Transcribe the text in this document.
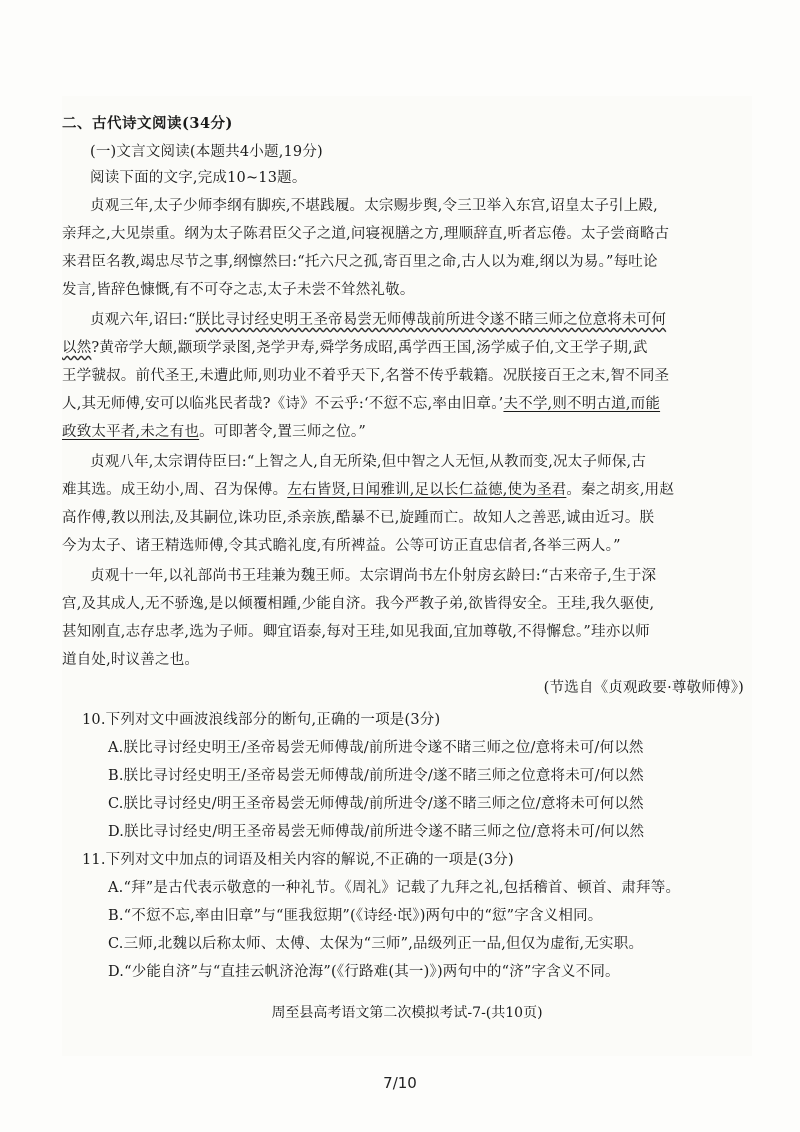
二、古代诗文阅读(34分)
(一)文言文阅读(本题共4小题,19分)
阅读下面的文字,完成10~13题。
贞观三年,太子少师李纲有脚疾,不堪践履。太宗赐步舆,令三卫举入东宫,诏皇太子引上殿,
亲拜之,大见崇重。纲为太子陈君臣父子之道,问寝视膳之方,理顺辞直,听者忘倦。太子尝商略古
来君臣名教,竭忠尽节之事,纲懔然曰:“托六尺之孤,寄百里之命,古人以为难,纲以为易。”每吐论
发言,皆辞色慷慨,有不可夺之志,太子未尝不耸然礼敬。
贞观六年,诏曰:“朕比寻讨经史明王圣帝曷尝无师傅哉前所进令遂不睹三师之位意将未可何
以然?黄帝学大颠,颛顼学录图,尧学尹寿,舜学务成昭,禹学西王国,汤学威子伯,文王学子期,武
王学虢叔。前代圣王,未遭此师,则功业不着乎天下,名誉不传乎载籍。况朕接百王之末,智不同圣
人,其无师傅,安可以临兆民者哉?《诗》不云乎:‘不愆不忘,率由旧章。’夫不学,则不明古道,而能
政致太平者,未之有也。可即著令,置三师之位。”
贞观八年,太宗谓侍臣曰:“上智之人,自无所染,但中智之人无恒,从教而变,况太子师保,古
难其选。成王幼小,周、召为保傅。左右皆贤,日闻雅训,足以长仁益德,使为圣君。秦之胡亥,用赵
高作傅,教以刑法,及其嗣位,诛功臣,杀亲族,酷暴不已,旋踵而亡。故知人之善恶,诚由近习。朕
今为太子、诸王精选师傅,令其式瞻礼度,有所裨益。公等可访正直忠信者,各举三两人。”
贞观十一年,以礼部尚书王珪兼为魏王师。太宗谓尚书左仆射房玄龄曰:“古来帝子,生于深
宫,及其成人,无不骄逸,是以倾覆相踵,少能自济。我今严教子弟,欲皆得安全。王珪,我久驱使,
甚知刚直,志存忠孝,选为子师。卿宜语泰,每对王珪,如见我面,宜加尊敬,不得懈怠。”珪亦以师
道自处,时议善之也。
(节选自《贞观政要·尊敬师傅》)
10.下列对文中画波浪线部分的断句,正确的一项是(3分)
A.朕比寻讨经史明王/圣帝曷尝无师傅哉/前所进令遂不睹三师之位/意将未可/何以然
B.朕比寻讨经史明王/圣帝曷尝无师傅哉/前所进令/遂不睹三师之位意将未可/何以然
C.朕比寻讨经史/明王圣帝曷尝无师傅哉/前所进令/遂不睹三师之位/意将未可何以然
D.朕比寻讨经史/明王圣帝曷尝无师傅哉/前所进令遂不睹三师之位/意将未可/何以然
11.下列对文中加点的词语及相关内容的解说,不正确的一项是(3分)
A.“拜”是古代表示敬意的一种礼节。《周礼》记载了九拜之礼,包括稽首、顿首、肃拜等。
B.“不愆不忘,率由旧章”与“匪我愆期”(《诗经·氓》)两句中的“愆”字含义相同。
C.三师,北魏以后称太师、太傅、太保为“三师”,品级列正一品,但仅为虚衔,无实职。
D.“少能自济”与“直挂云帆济沧海”(《行路难(其一)》)两句中的“济”字含义不同。
周至县高考语文第二次模拟考试-7-(共10页)
7/10
